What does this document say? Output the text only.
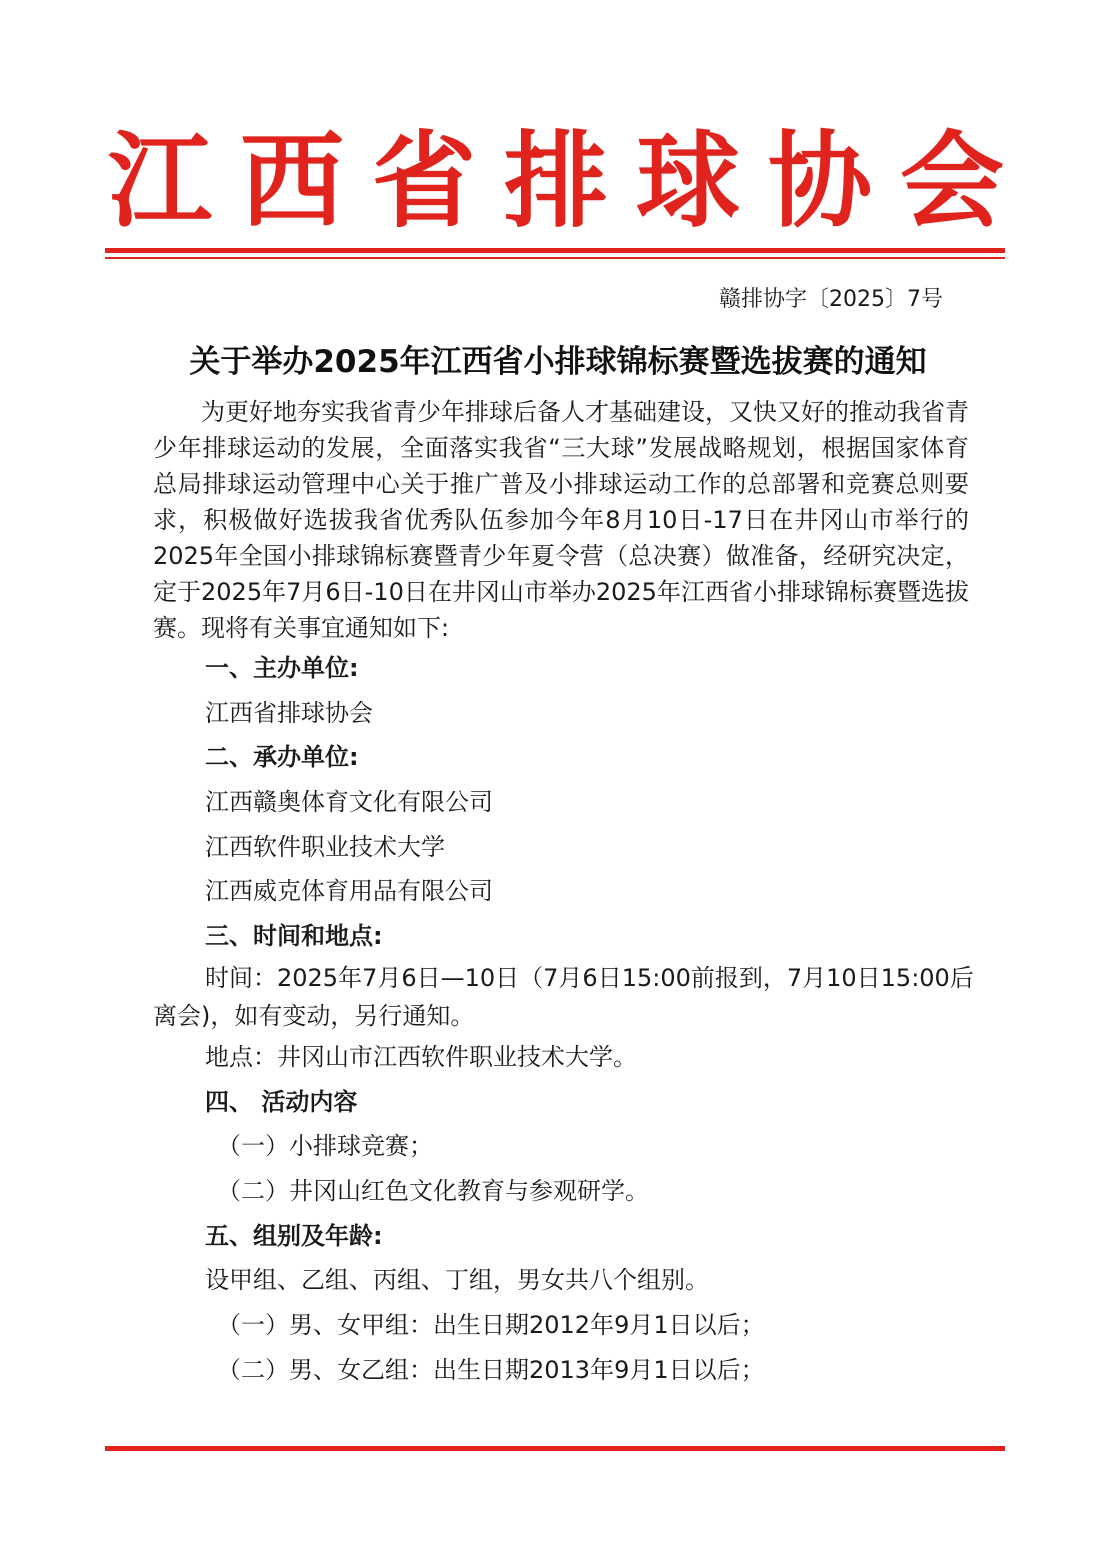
江西省排球协会
赣排协字〔2025〕7号
关于举办2025年江西省小排球锦标赛暨选拔赛的通知

为更好地夯实我省青少年排球后备人才基础建设，又快又好的推动我省青少年排球运动的发展，全面落实我省“三大球”发展战略规划，根据国家体育总局排球运动管理中心关于推广普及小排球运动工作的总部署和竞赛总则要求，积极做好选拔我省优秀队伍参加今年8月10日-17日在井冈山市举行的2025年全国小排球锦标赛暨青少年夏令营（总决赛）做准备，经研究决定，定于2025年7月6日-10日在井冈山市举办2025年江西省小排球锦标赛暨选拔赛。现将有关事宜通知如下:

一、主办单位:

江西省排球协会

二、承办单位:

江西赣奥体育文化有限公司

江西软件职业技术大学

江西威克体育用品有限公司

三、时间和地点:

时间：2025年7月6日—10日（7月6日15:00前报到，7月10日15:00后
离会)，如有变动，另行通知。

地点：井冈山市江西软件职业技术大学。

四、 活动内容

（一）小排球竞赛；

（二）井冈山红色文化教育与参观研学。

五、组别及年龄:

设甲组、乙组、丙组、丁组，男女共八个组别。

（一）男、女甲组：出生日期2012年9月1日以后；

（二）男、女乙组：出生日期2013年9月1日以后；
